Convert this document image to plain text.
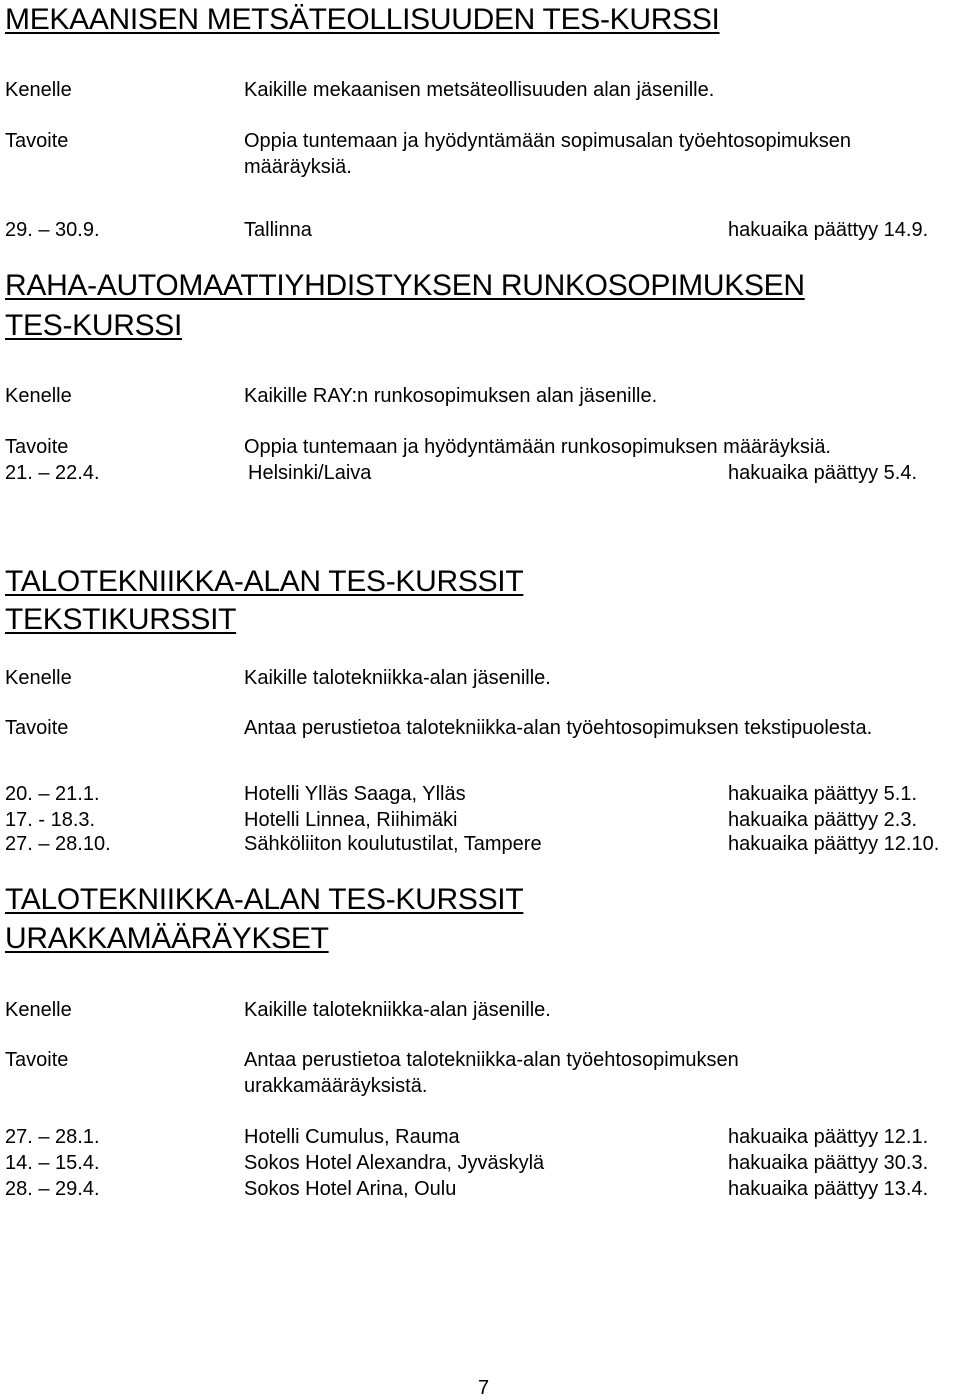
MEKAANISEN METSÄTEOLLISUUDEN TES-KURSSI
Kenelle	Kaikille mekaanisen metsäteollisuuden alan jäsenille.
Tavoite	Oppia tuntemaan ja hyödyntämään sopimusalan työehtosopimuksen
määräyksiä.
29. – 30.9.	Tallinna	hakuaika päättyy 14.9.
RAHA-AUTOMAATTIYHDISTYKSEN RUNKOSOPIMUKSEN
TES-KURSSI
Kenelle	Kaikille RAY:n runkosopimuksen alan jäsenille.
Tavoite	Oppia tuntemaan ja hyödyntämään runkosopimuksen määräyksiä.
21. – 22.4.	Helsinki/Laiva	hakuaika päättyy 5.4.
TALOTEKNIIKKA-ALAN TES-KURSSIT
TEKSTIKURSSIT
Kenelle	Kaikille talotekniikka-alan jäsenille.
Tavoite	Antaa perustietoa talotekniikka-alan työehtosopimuksen tekstipuolesta.
20. – 21.1.	Hotelli Ylläs Saaga, Ylläs	hakuaika päättyy 5.1.
17. - 18.3.	Hotelli Linnea, Riihimäki	hakuaika päättyy 2.3.
27. – 28.10.	Sähköliiton koulutustilat, Tampere	hakuaika päättyy 12.10.
TALOTEKNIIKKA-ALAN TES-KURSSIT
URAKKAMÄÄRÄYKSET
Kenelle	Kaikille talotekniikka-alan jäsenille.
Tavoite	Antaa perustietoa talotekniikka-alan työehtosopimuksen
urakkamääräyksistä.
27. – 28.1.	Hotelli Cumulus, Rauma	hakuaika päättyy 12.1.
14. – 15.4.	Sokos Hotel Alexandra, Jyväskylä	hakuaika päättyy 30.3.
28. – 29.4.	Sokos Hotel Arina, Oulu	hakuaika päättyy 13.4.
7
